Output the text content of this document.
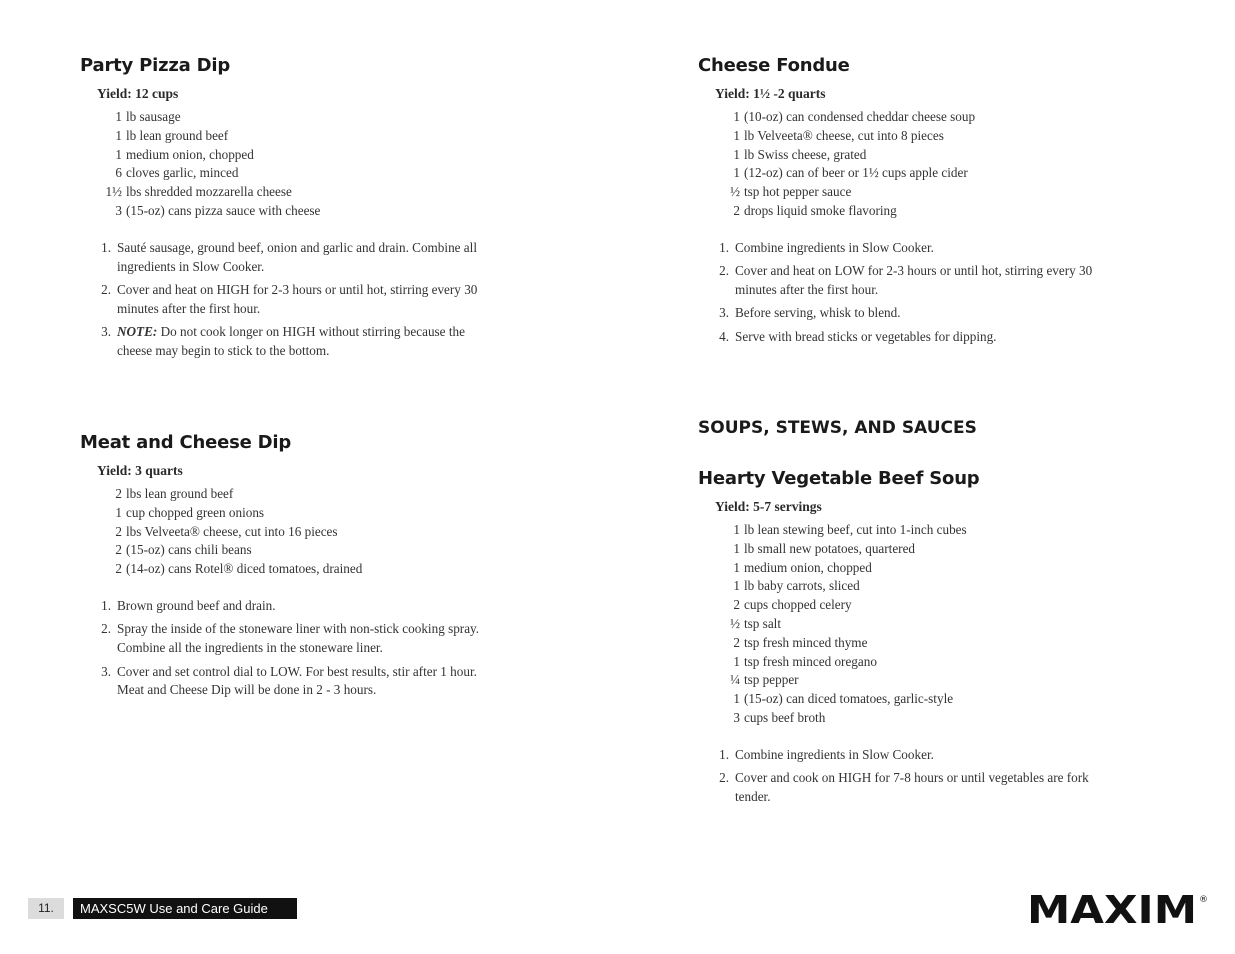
Party Pizza Dip
Yield: 12 cups
1 lb sausage
1 lb lean ground beef
1 medium onion, chopped
6 cloves garlic, minced
1½ lbs shredded mozzarella cheese
3 (15-oz) cans pizza sauce with cheese
1. Sauté sausage, ground beef, onion and garlic and drain. Combine all ingredients in Slow Cooker.
2. Cover and heat on HIGH for 2-3 hours or until hot, stirring every 30 minutes after the first hour.
3. NOTE: Do not cook longer on HIGH without stirring because the cheese may begin to stick to the bottom.
Meat and Cheese Dip
Yield: 3 quarts
2 lbs lean ground beef
1 cup chopped green onions
2 lbs Velveeta® cheese, cut into 16 pieces
2 (15-oz) cans chili beans
2 (14-oz) cans Rotel® diced tomatoes, drained
1. Brown ground beef and drain.
2. Spray the inside of the stoneware liner with non-stick cooking spray. Combine all the ingredients in the stoneware liner.
3. Cover and set control dial to LOW. For best results, stir after 1 hour. Meat and Cheese Dip will be done in 2 - 3 hours.
Cheese Fondue
Yield: 1½ -2 quarts
1 (10-oz) can condensed cheddar cheese soup
1 lb Velveeta® cheese, cut into 8 pieces
1 lb Swiss cheese, grated
1 (12-oz) can of beer or 1½ cups apple cider
½ tsp hot pepper sauce
2 drops liquid smoke flavoring
1. Combine ingredients in Slow Cooker.
2. Cover and heat on LOW for 2-3 hours or until hot, stirring every 30 minutes after the first hour.
3. Before serving, whisk to blend.
4. Serve with bread sticks or vegetables for dipping.
SOUPS, STEWS, AND SAUCES
Hearty Vegetable Beef Soup
Yield: 5-7 servings
1 lb lean stewing beef, cut into 1-inch cubes
1 lb small new potatoes, quartered
1 medium onion, chopped
1 lb baby carrots, sliced
2 cups chopped celery
½ tsp salt
2 tsp fresh minced thyme
1 tsp fresh minced oregano
¼ tsp pepper
1 (15-oz) can diced tomatoes, garlic-style
3 cups beef broth
1. Combine ingredients in Slow Cooker.
2. Cover and cook on HIGH for 7-8 hours or until vegetables are fork tender.
11.	MAXSC5W Use and Care Guide	MAXIM ®
